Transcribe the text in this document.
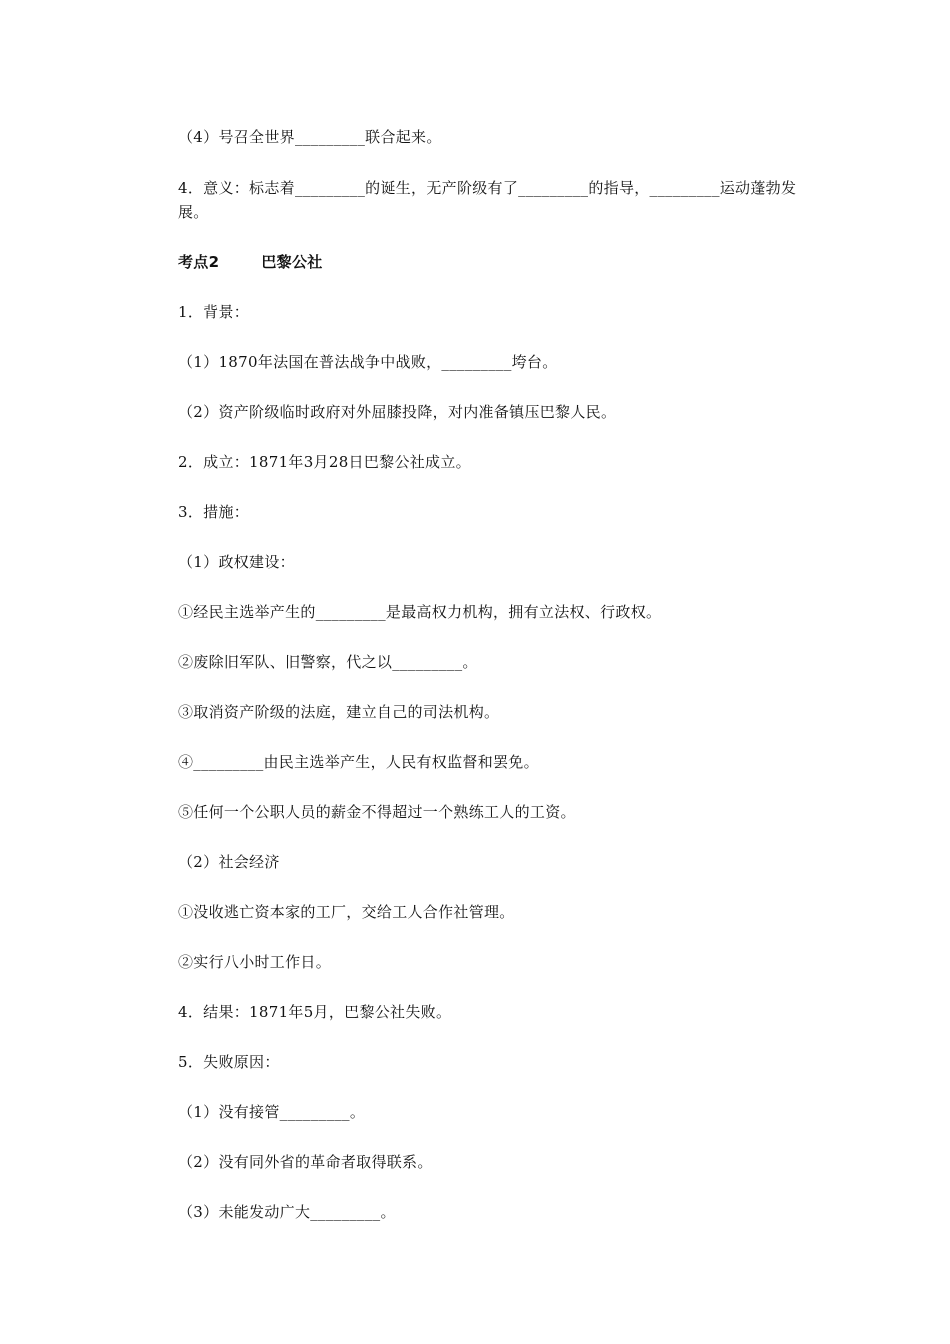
（4）号召全世界_________联合起来。
4．意义：标志着_________的诞生，无产阶级有了_________的指导，_________运动蓬勃发展。
考点2	巴黎公社
1．背景：
（1）1870年法国在普法战争中战败，_________垮台。
（2）资产阶级临时政府对外屈膝投降，对内准备镇压巴黎人民。
2．成立：1871年3月28日巴黎公社成立。
3．措施：
（1）政权建设：
①经民主选举产生的_________是最高权力机构，拥有立法权、行政权。
②废除旧军队、旧警察，代之以_________。
③取消资产阶级的法庭，建立自己的司法机构。
④_________由民主选举产生，人民有权监督和罢免。
⑤任何一个公职人员的薪金不得超过一个熟练工人的工资。
（2）社会经济
①没收逃亡资本家的工厂，交给工人合作社管理。
②实行八小时工作日。
4．结果：1871年5月，巴黎公社失败。
5．失败原因：
（1）没有接管_________。
（2）没有同外省的革命者取得联系。
（3）未能发动广大_________。
